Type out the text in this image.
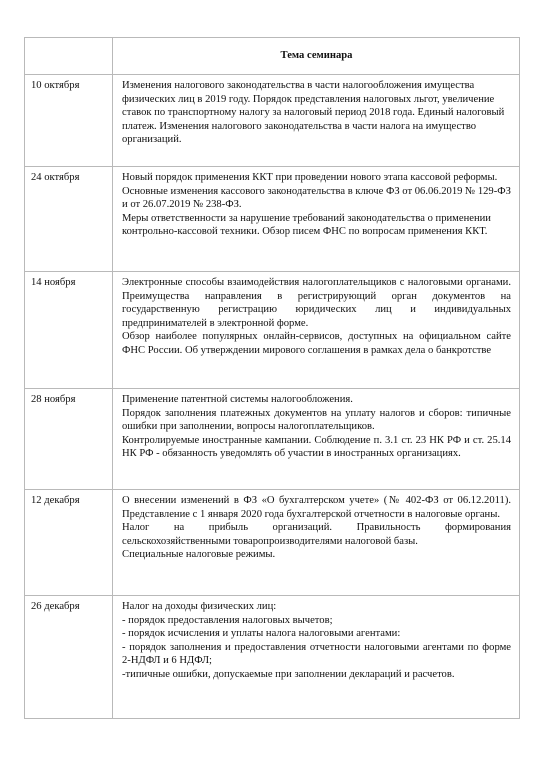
Тема семинара
10 октября	Изменения налогового законодательства в части налогообложения имущества физических лиц в 2019 году. Порядок представления налоговых льгот, увеличение ставок по транспортному налогу за налоговый период 2018 года. Единый налоговый платеж. Изменения налогового законодательства в части налога на имущество организаций.
24 октября	Новый порядок применения ККТ при проведении нового этапа кассовой реформы. Основные изменения кассового законодательства в ключе ФЗ от 06.06.2019 № 129-ФЗ и от 26.07.2019 № 238-ФЗ.
Меры ответственности за нарушение требований законодательства о применении контрольно-кассовой техники. Обзор писем ФНС по вопросам применения ККТ.
14 ноября	Электронные способы взаимодействия налогоплательщиков с налоговыми органами. Преимущества направления в регистрирующий орган документов на государственную регистрацию юридических лиц и индивидуальных предпринимателей в электронной форме.
Обзор наиболее популярных онлайн-сервисов, доступных на официальном сайте ФНС России. Об утверждении мирового соглашения в рамках дела о банкротстве
28 ноября	Применение патентной системы налогообложения.
Порядок заполнения платежных документов на уплату налогов и сборов: типичные ошибки при заполнении, вопросы налогоплательщиков.
Контролируемые иностранные кампании. Соблюдение п. 3.1 ст. 23 НК РФ и ст. 25.14 НК РФ - обязанность уведомлять об участии в иностранных организациях.
12 декабря	О внесении изменений в ФЗ «О бухгалтерском учете» (№ 402-ФЗ от 06.12.2011). Представление с 1 января 2020 года бухгалтерской отчетности в налоговые органы.
Налог на прибыль организаций. Правильность формирования сельскохозяйственными товаропроизводителями налоговой базы.
Специальные налоговые режимы.
26 декабря	Налог на доходы физических лиц:
- порядок предоставления налоговых вычетов;
- порядок исчисления и уплаты налога налоговыми агентами:
- порядок заполнения и предоставления отчетности налоговыми агентами по форме 2-НДФЛ и 6 НДФЛ;
-типичные ошибки, допускаемые при заполнении деклараций и расчетов.
